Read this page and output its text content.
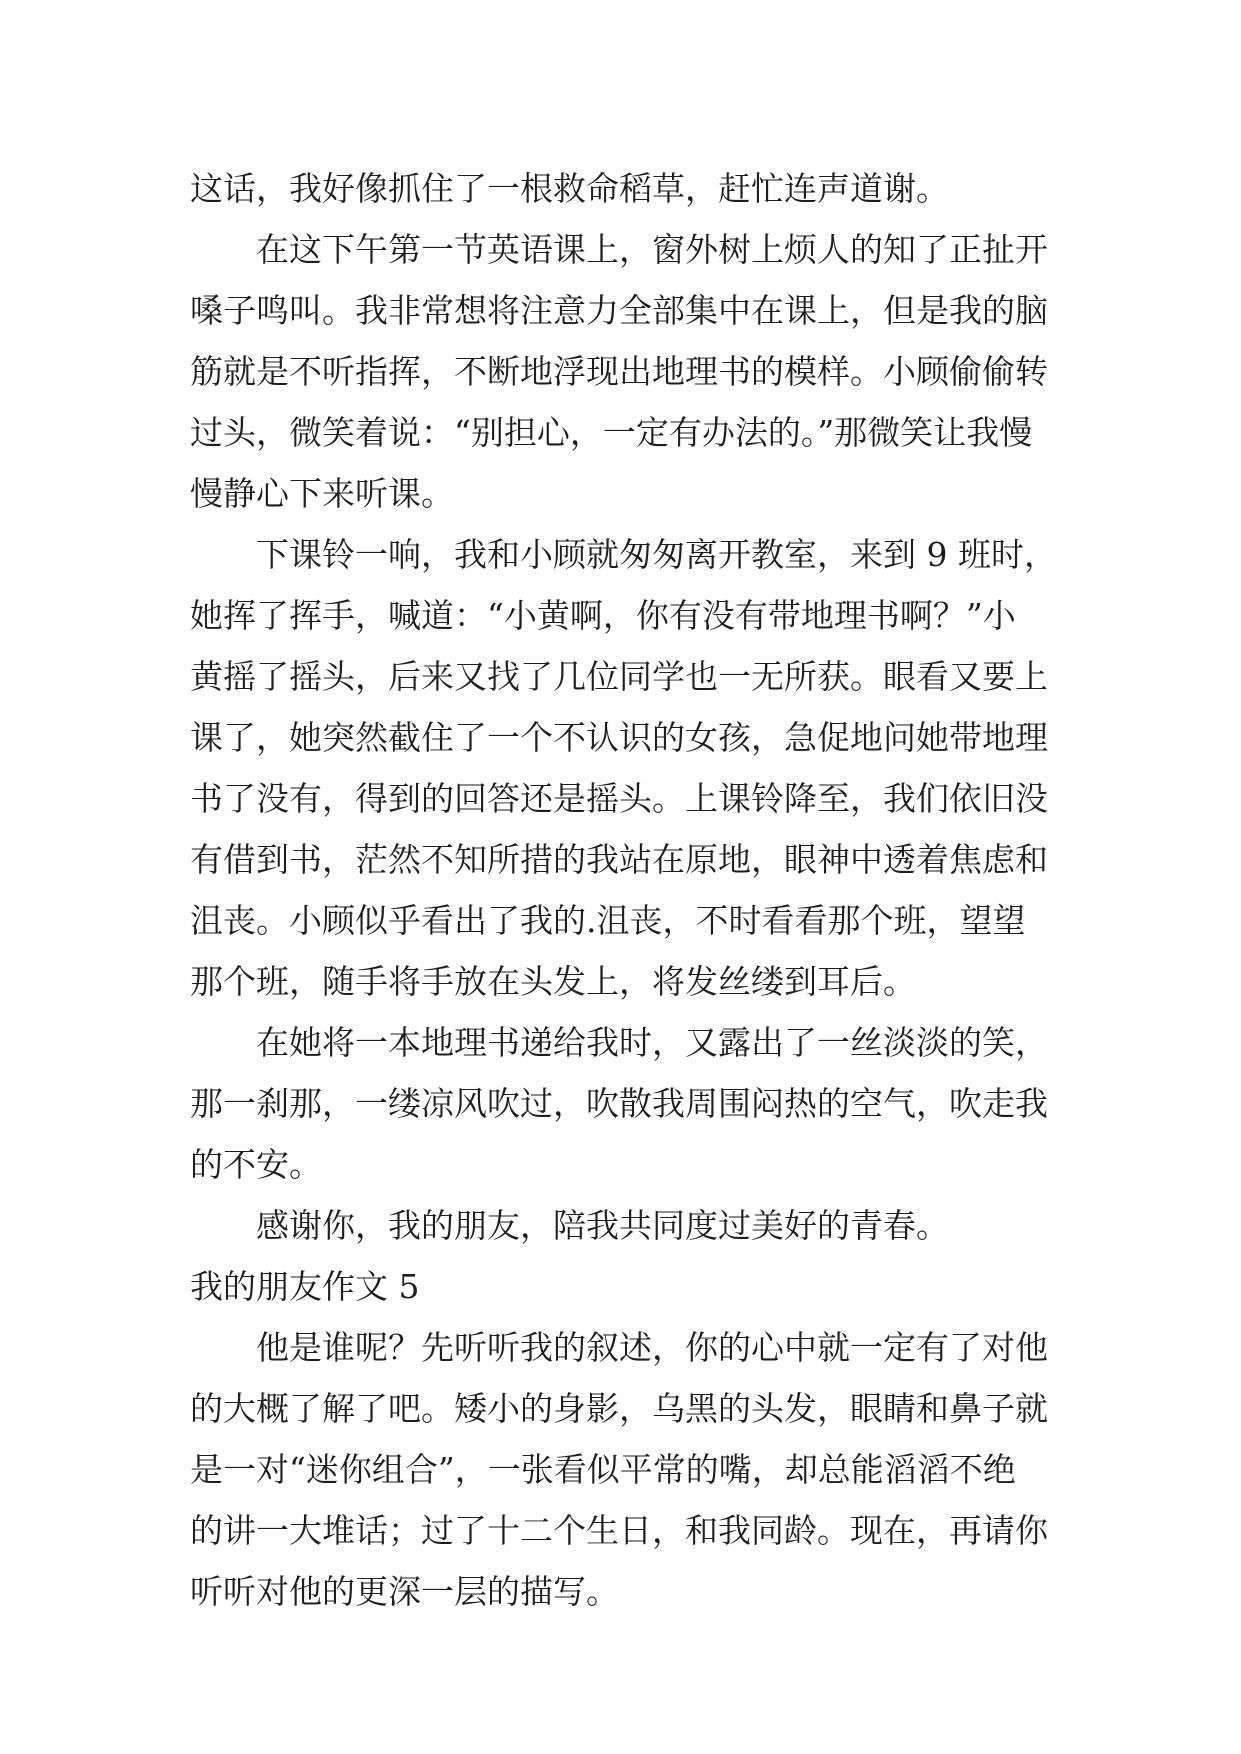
这话，我好像抓住了一根救命稻草，赶忙连声道谢。
在这下午第一节英语课上，窗外树上烦人的知了正扯开
嗓子鸣叫。我非常想将注意力全部集中在课上，但是我的脑
筋就是不听指挥，不断地浮现出地理书的模样。小顾偷偷转
过头，微笑着说：“别担心，一定有办法的。”那微笑让我慢
慢静心下来听课。
下课铃一响，我和小顾就匆匆离开教室，来到 9 班时，
她挥了挥手，喊道：“小黄啊，你有没有带地理书啊？”小
黄摇了摇头，后来又找了几位同学也一无所获。眼看又要上
课了，她突然截住了一个不认识的女孩，急促地问她带地理
书了没有，得到的回答还是摇头。上课铃降至，我们依旧没
有借到书，茫然不知所措的我站在原地，眼神中透着焦虑和
沮丧。小顾似乎看出了我的.沮丧，不时看看那个班，望望
那个班，随手将手放在头发上，将发丝缕到耳后。
在她将一本地理书递给我时，又露出了一丝淡淡的笑，
那一刹那，一缕凉风吹过，吹散我周围闷热的空气，吹走我
的不安。
感谢你，我的朋友，陪我共同度过美好的青春。
我的朋友作文 5
他是谁呢？先听听我的叙述，你的心中就一定有了对他
的大概了解了吧。矮小的身影，乌黑的头发，眼睛和鼻子就
是一对“迷你组合”，一张看似平常的嘴，却总能滔滔不绝
的讲一大堆话；过了十二个生日，和我同龄。现在，再请你
听听对他的更深一层的描写。
